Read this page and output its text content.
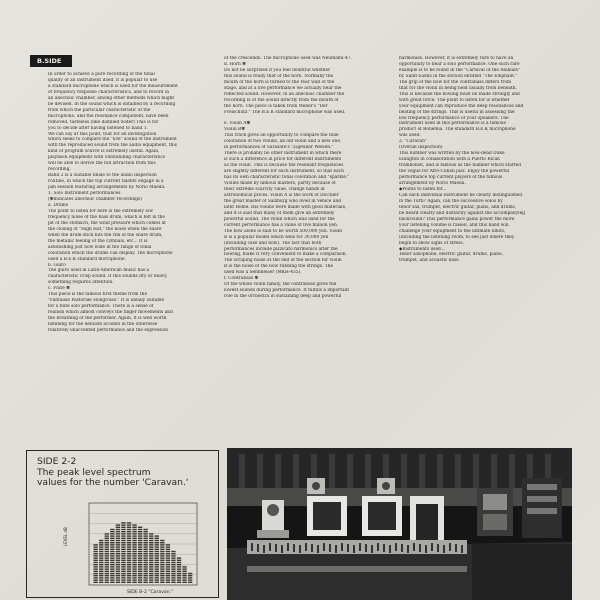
B.SIDE

In order to achieve a pure recording of the tonal

quality of an instrument itself, it is popular to use

a standard microphone which is used for the measurement

of frequency response characteristics, and to record in

an anechoic chamber, among other methods which might

be devised. In the sound which is obtained by a recording

from which the particular characteristic of the

microphone, and the resonance component, have been

removed, tasteless (like distilled water) This is for

you to decide after having listened to band 1.

We can say at this point, that for an investigation

which seeks to compare the "live" sound of the instrument

with the reproduced sound from the audio equipment, this

kind of program source is extremely useful. Again,

playback equipment with outstanding characteristics

will be able to derive the full attraction from this

recording.

Band 2 is a suitable finale to the audio inspection

routine, in which the top current talents engage in a

jam session featuring arrangements by Norio Maeda.

1. Solo instrument performances

(✽Indicates anechoic chamber recordings)

a. Drums

The point to listen for here is the extremely low

frequency noise of the bass drum, which is felt in the

pit of the stomach, the wind pressure which comes at

the closing of "High Hat," the noise when the snare

when the drum-stick hits the rim of the snare drum,

the metallic feeling of the cymbals, etc... It is

astonishing just how wide in the range of tonal

coloration which the drums can display. The microphone

used a B.E.K standard microphone.

b. Guiro

The guiro used in Latin-American music has a

characteristic crisp sound. If this sounds dry or heavy,

something requires attention.

c. Flute ✽

This piece is the famous first theme from the

"Fantaisie Pastorale Hongroise." It is ideally suitable

for a flute solo performance. There is a sense of

realism which almost conveys the finger movements and

the breathing of the performer. Again, it is well worth

listening for the delicate accents in the otherwise

relatively unaccented performance and the expression

of the crescendo. The microphone used was Neumann-47.

d. Horn ✽

Do not be surprised if you feel doubtful whether

this sound is really that of the horn. Normally the

mouth of the horn is turned to the rear wall of the

stage, and at a live performance we actually hear the

reflected sound. However, in an anechoic chamber the

recording is of the sound directly from the mouth of

the horn. The piece is taken from Weber's "Der

Freischutz." The B.E.K standard microphone was used.

e. Violin A✽

Violin B✽

This track gives an opportunity to compare the tone

coloration of two violins, an old violin and a new one,

in performances of Sarasate's "Zigeuner Weisen."

There is probably no other instrument in which there

is such a difference in price for different instruments

as the violin. This is because the resonant frequencies

are slightly different for each instrument, so that each

has its own characteristic tonal coloration and "sparkle."

Violins made by famous masters, partly because of

their extreme scarcity value, change hands at

astronomical prices. Violin A is the work of Dicchler

the great master of Salzburg who lived in Venice and

later Rome. His violins were made with good materials,

and it is said that many of them give an extremely

powerful sound. The violin which was used for the

current performance has a value of five million yen.

The bow alone is said to be worth 500,000 yen. Violin

B is a popular model which sells for 30,000 yen

(including case and bow). The fact that both

performances include pizzicato harmonics after the

bowing, make it very convenient to make a comparison.

The scraping noise at the end of the section for violin

B is the noise of the bow rubbing the strings. The

used was a Sennheiser (MKH-435).

f. Contrabass ✽

Of the whole violin family, the contrabass gives the

lowest sounds during performance. It fulfills a important

role in the orchestra in sustaining deep and powerful

harmonies. However, it is extremely rare to have an

opportunity to hear a solo performance. One such rare

example is to be found in the "Carnival of the Animals"

by Saint-Saens in the section entitled "The Elephant."

The grip of the bow for the contrabass differs from

that for the violin in being held usually from beneath.

This is because the bowing must be made strongly and

with great force. The point to listen for is whether

your equipment can reproduce the deep resonances and

beating of the strings. This is useful in assessing the

low frequency performance of your speakers. The

instrument used in this performance is a famous

product of Bohemia. The standard B.E.K microphone

was used.

2. "Caravan"

(Overall inspection)

This number was written by the now-dead Duke

Ellington in collaboration with a Puerto Rican

trombonist, and is famous as the number which started

the vogue for Afro-Cuban jazz. Enjoy the powerful

performance top current players of the famous

arrangement by Norio Maeda.

◆Points to listen for...

Can each individual instrument be clearly distinguished

in the Tutti? Again, can the successive solos by

tenor sax, trumpet, electric guitar, piano, and drums,

be heard clearly and distinctly against the accompanying

backround? This performance gains power the more

your listening volume is raised, and this band will

challenge your equipment to the ultimate limits,

(including the listening room, to see just where they

begin to show signs of stress.

◆Instruments used...

Tenor saxophone, electric guitar, drums, piano,

trumpet, and acoustic bass.

SIDE 2-2
The peak level spectrum
values for the number 'Caravan.'
SIDE B-2 "Caravan."
LEVEL dB
